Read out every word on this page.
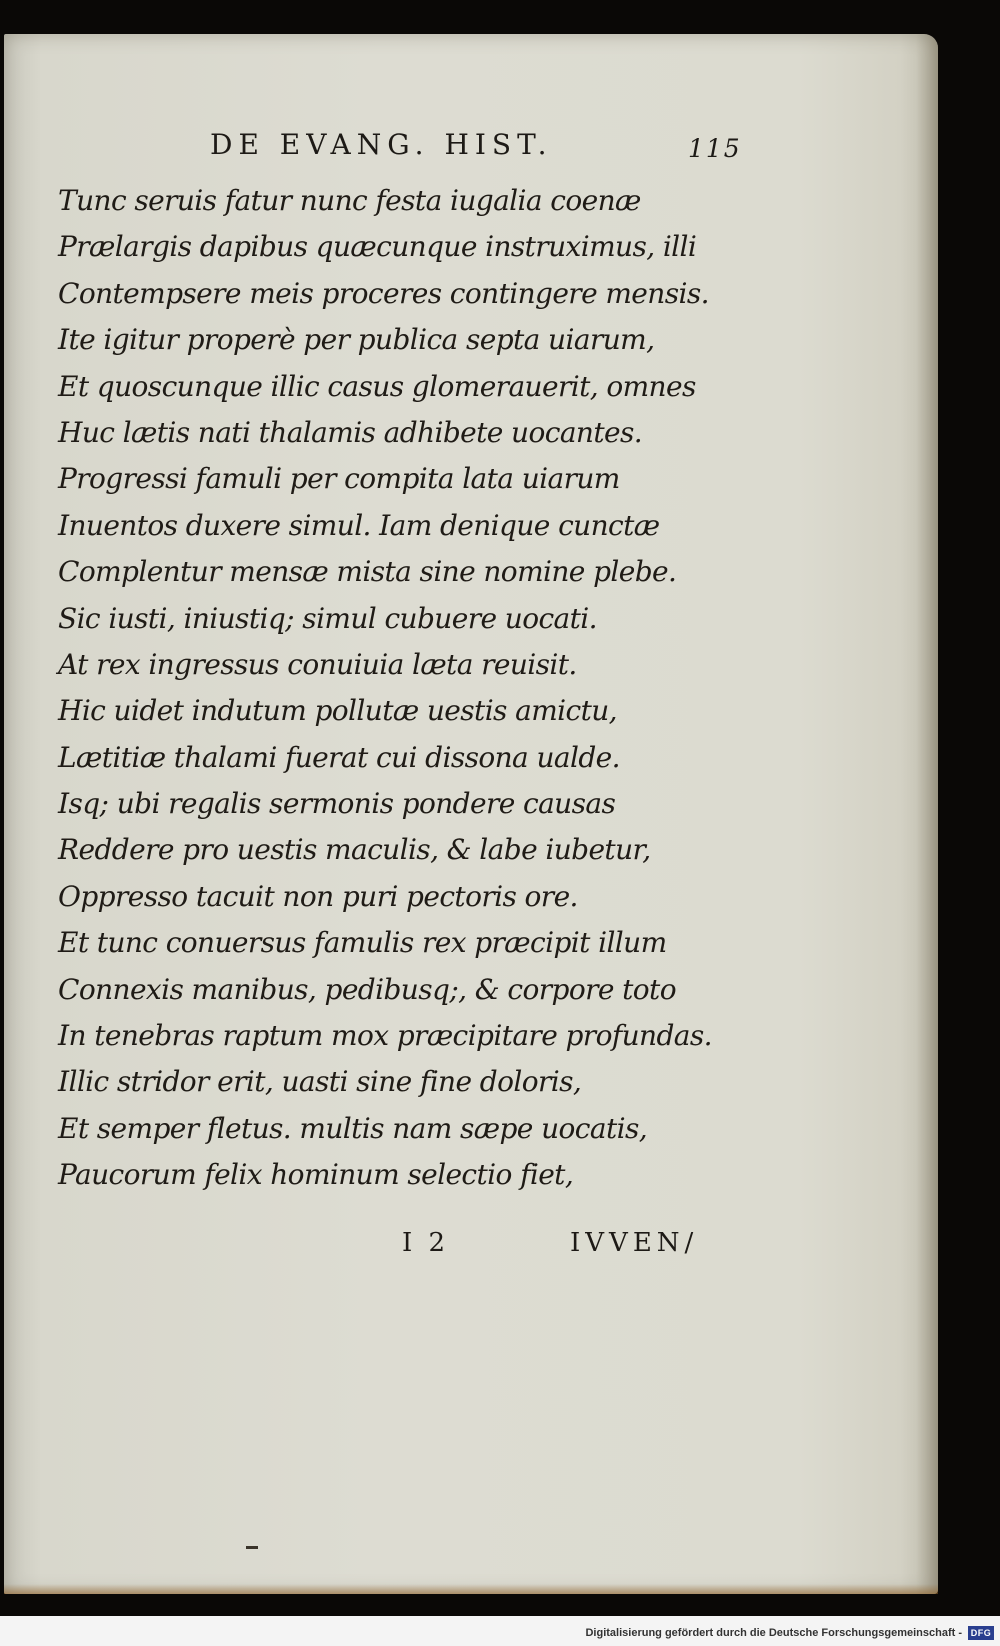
DE EVANG. HIST.	115
Tunc seruis fatur nunc festa iugalia coenæ
Prælargis dapibus quæcunque instruximus, illi
Contempsere meis proceres contingere mensis.
Ite igitur properè per publica septa uiarum,
Et quoscunque illic casus glomerauerit, omnes
Huc lætis nati thalamis adhibete uocantes.
Progressi famuli per compita lata uiarum
Inuentos duxere simul. Iam denique cunctæ
Complentur mensæ mista sine nomine plebe.
Sic iusti, iniustiq; simul cubuere uocati.
At rex ingressus conuiuia læta reuisit.
Hic uidet indutum pollutæ uestis amictu,
Lætitiæ thalami fuerat cui dissona ualde.
Isq; ubi regalis sermonis pondere causas
Reddere pro uestis maculis, & labe iubetur,
Oppresso tacuit non puri pectoris ore.
Et tunc conuersus famulis rex præcipit illum
Connexis manibus, pedibusq;, & corpore toto
In tenebras raptum mox præcipitare profundas.
Illic stridor erit, uasti sine fine doloris,
Et semper fletus. multis nam sæpe uocatis,
Paucorum felix hominum selectio fiet,
I 2	IVVEN/
Digitalisierung gefördert durch die Deutsche Forschungsgemeinschaft - DFG
